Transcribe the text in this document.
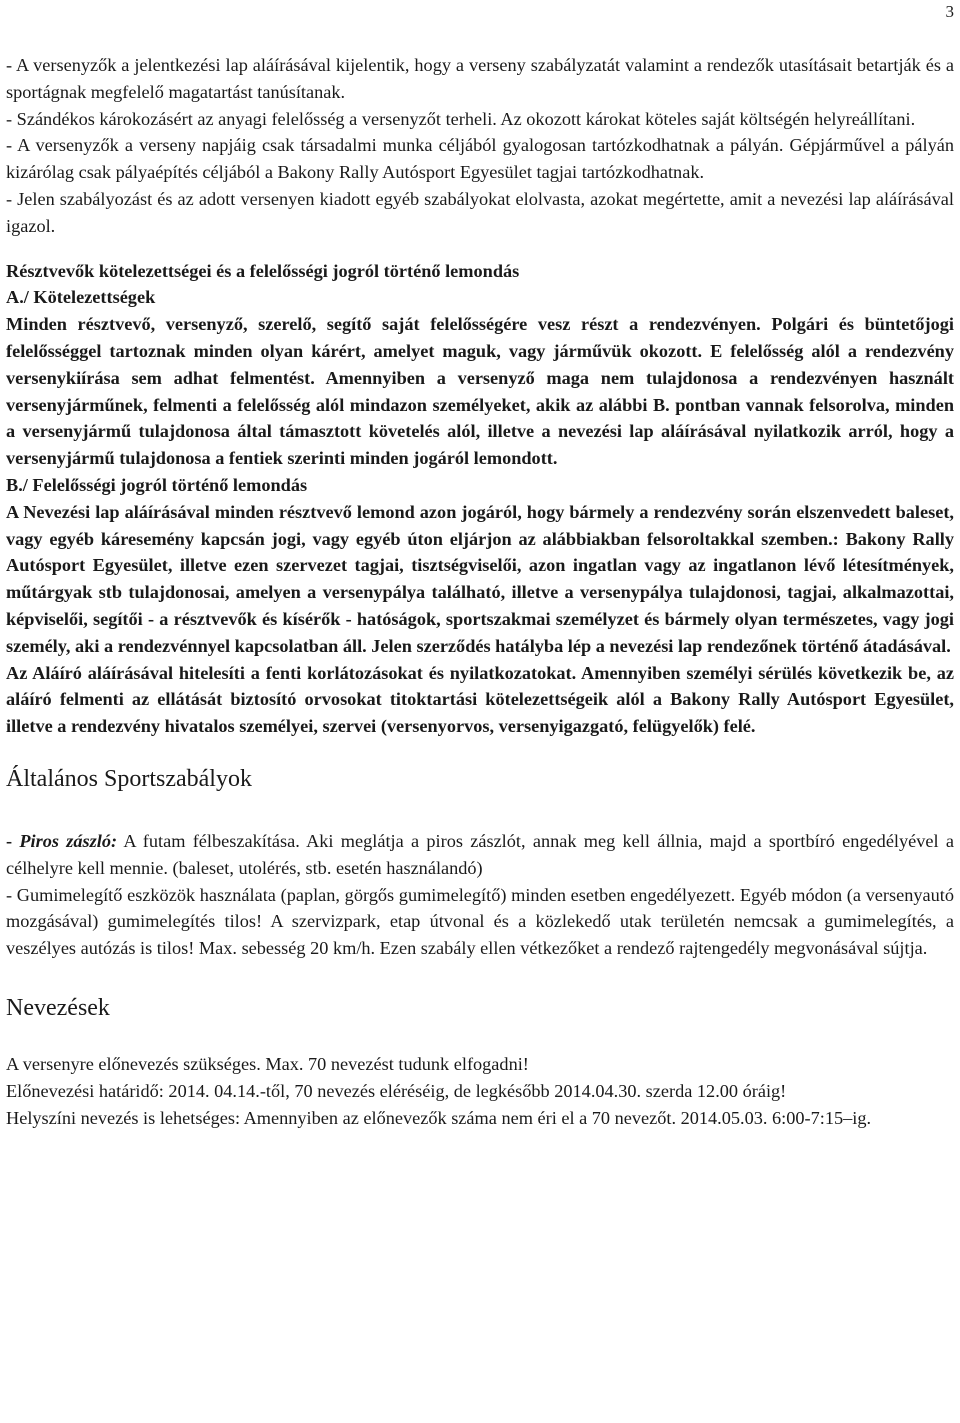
3

- A versenyzők a jelentkezési lap aláírásával kijelentik, hogy a verseny szabályzatát valamint a rendezők utasításait betartják és a sportágnak megfelelő magatartást tanúsítanak.

- Szándékos károkozásért az anyagi felelősség a versenyzőt terheli. Az okozott károkat köteles saját költségén helyreállítani.

- A versenyzők a verseny napjáig csak társadalmi munka céljából gyalogosan tartózkodhatnak a pályán. Gépjárművel a pályán kizárólag csak pályaépítés céljából a Bakony Rally Autósport Egyesület tagjai tartózkodhatnak.

- Jelen szabályozást és az adott versenyen kiadott egyéb szabályokat elolvasta, azokat megértette, amit a nevezési lap aláírásával igazol.

Résztvevők kötelezettségei és a felelősségi jogról történő lemondás

A./ Kötelezettségek

Minden résztvevő, versenyző, szerelő, segítő saját felelősségére vesz részt a rendezvényen. Polgári és büntetőjogi felelősséggel tartoznak minden olyan kárért, amelyet maguk, vagy járművük okozott. E felelősség alól a rendezvény versenykiírása sem adhat felmentést. Amennyiben a versenyző maga nem tulajdonosa a rendezvényen használt versenyjárműnek, felmenti a felelősség alól mindazon személyeket, akik az alábbi B. pontban vannak felsorolva, minden a versenyjármű tulajdonosa által támasztott követelés alól, illetve a nevezési lap aláírásával nyilatkozik arról, hogy a versenyjármű tulajdonosa a fentiek szerinti minden jogáról lemondott.

B./ Felelősségi jogról történő lemondás

A Nevezési lap aláírásával minden résztvevő lemond azon jogáról, hogy bármely a rendezvény során elszenvedett baleset, vagy egyéb káresemény kapcsán jogi, vagy egyéb úton eljárjon az alábbiakban felsoroltakkal szemben.: Bakony Rally Autósport Egyesület, illetve ezen szervezet tagjai, tisztségviselői, azon ingatlan vagy az ingatlanon lévő létesítmények, műtárgyak stb tulajdonosai, amelyen a versenypálya található, illetve a versenypálya tulajdonosi, tagjai, alkalmazottai, képviselői, segítői - a résztvevők és kísérők - hatóságok, sportszakmai személyzet és bármely olyan természetes, vagy jogi személy, aki a rendezvénnyel kapcsolatban áll. Jelen szerződés hatályba lép a nevezési lap rendezőnek történő átadásával.

Az Aláíró aláírásával hitelesíti a fenti korlátozásokat és nyilatkozatokat. Amennyiben személyi sérülés következik be, az aláíró felmenti az ellátását biztosító orvosokat titoktartási kötelezettségeik alól a Bakony Rally Autósport Egyesület, illetve a rendezvény hivatalos személyei, szervei (versenyorvos, versenyigazgató, felügyelők) felé.

Általános Sportszabályok

- Piros zászló: A futam félbeszakítása. Aki meglátja a piros zászlót, annak meg kell állnia, majd a sportbíró engedélyével a célhelyre kell mennie. (baleset, utolérés, stb. esetén használandó)

- Gumimelegítő eszközök használata (paplan, görgős gumimelegítő) minden esetben engedélyezett. Egyéb módon (a versenyautó mozgásával) gumimelegítés tilos! A szervizpark, etap útvonal és a közlekedő utak területén nemcsak a gumimelegítés, a veszélyes autózás is tilos! Max. sebesség 20 km/h. Ezen szabály ellen vétkezőket a rendező rajtengedély megvonásával sújtja.

Nevezések

A versenyre előnevezés szükséges. Max. 70 nevezést tudunk elfogadni!

Előnevezési határidő: 2014. 04.14.-től, 70 nevezés eléréséig, de legkésőbb 2014.04.30. szerda 12.00 óráig!

Helyszíni nevezés is lehetséges: Amennyiben az előnevezők száma nem éri el a 70 nevezőt. 2014.05.03. 6:00-7:15–ig.
